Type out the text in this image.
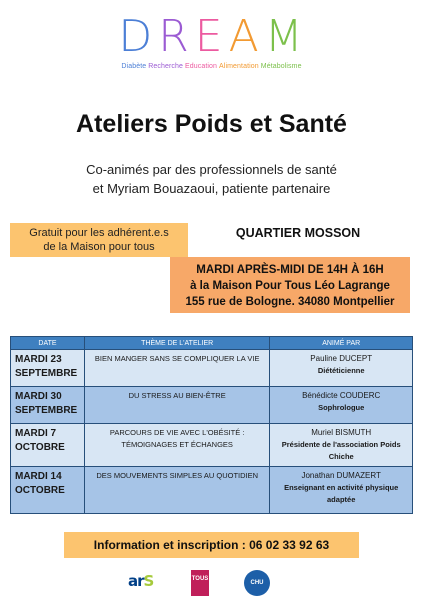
D R E A M
Diabète Recherche Education Alimentation Métabolisme
Ateliers Poids et Santé
Co-animés par des professionnels de santé
et Myriam Bouazaoui, patiente partenaire
Gratuit pour les adhérent.e.s
de la Maison pour tous
QUARTIER MOSSON
MARDI APRÈS-MIDI DE 14H À 16H
à la Maison Pour Tous Léo Lagrange
155 rue de Bologne. 34080 Montpellier
DATE	THÈME DE L'ATELIER	ANIMÉ PAR
MARDI 23 SEPTEMBRE	BIEN MANGER SANS SE COMPLIQUER LA VIE	Pauline DUCEPT
Diététicienne

MARDI 30 SEPTEMBRE	DU STRESS AU BIEN-ÊTRE	Bénédicte COUDERC
Sophrologue

MARDI 7 OCTOBRE	PARCOURS DE VIE AVEC L'OBÉSITÉ : TÉMOIGNAGES ET ÉCHANGES	Muriel BISMUTH
Présidente de l'association Poids Chiche

MARDI 14 OCTOBRE	DES MOUVEMENTS SIMPLES AU QUOTIDIEN	Jonathan DUMAZERT
Enseignant en activité physique adaptée
Information et inscription : 06 02 33 92 63
arS	TOUS
CHU
